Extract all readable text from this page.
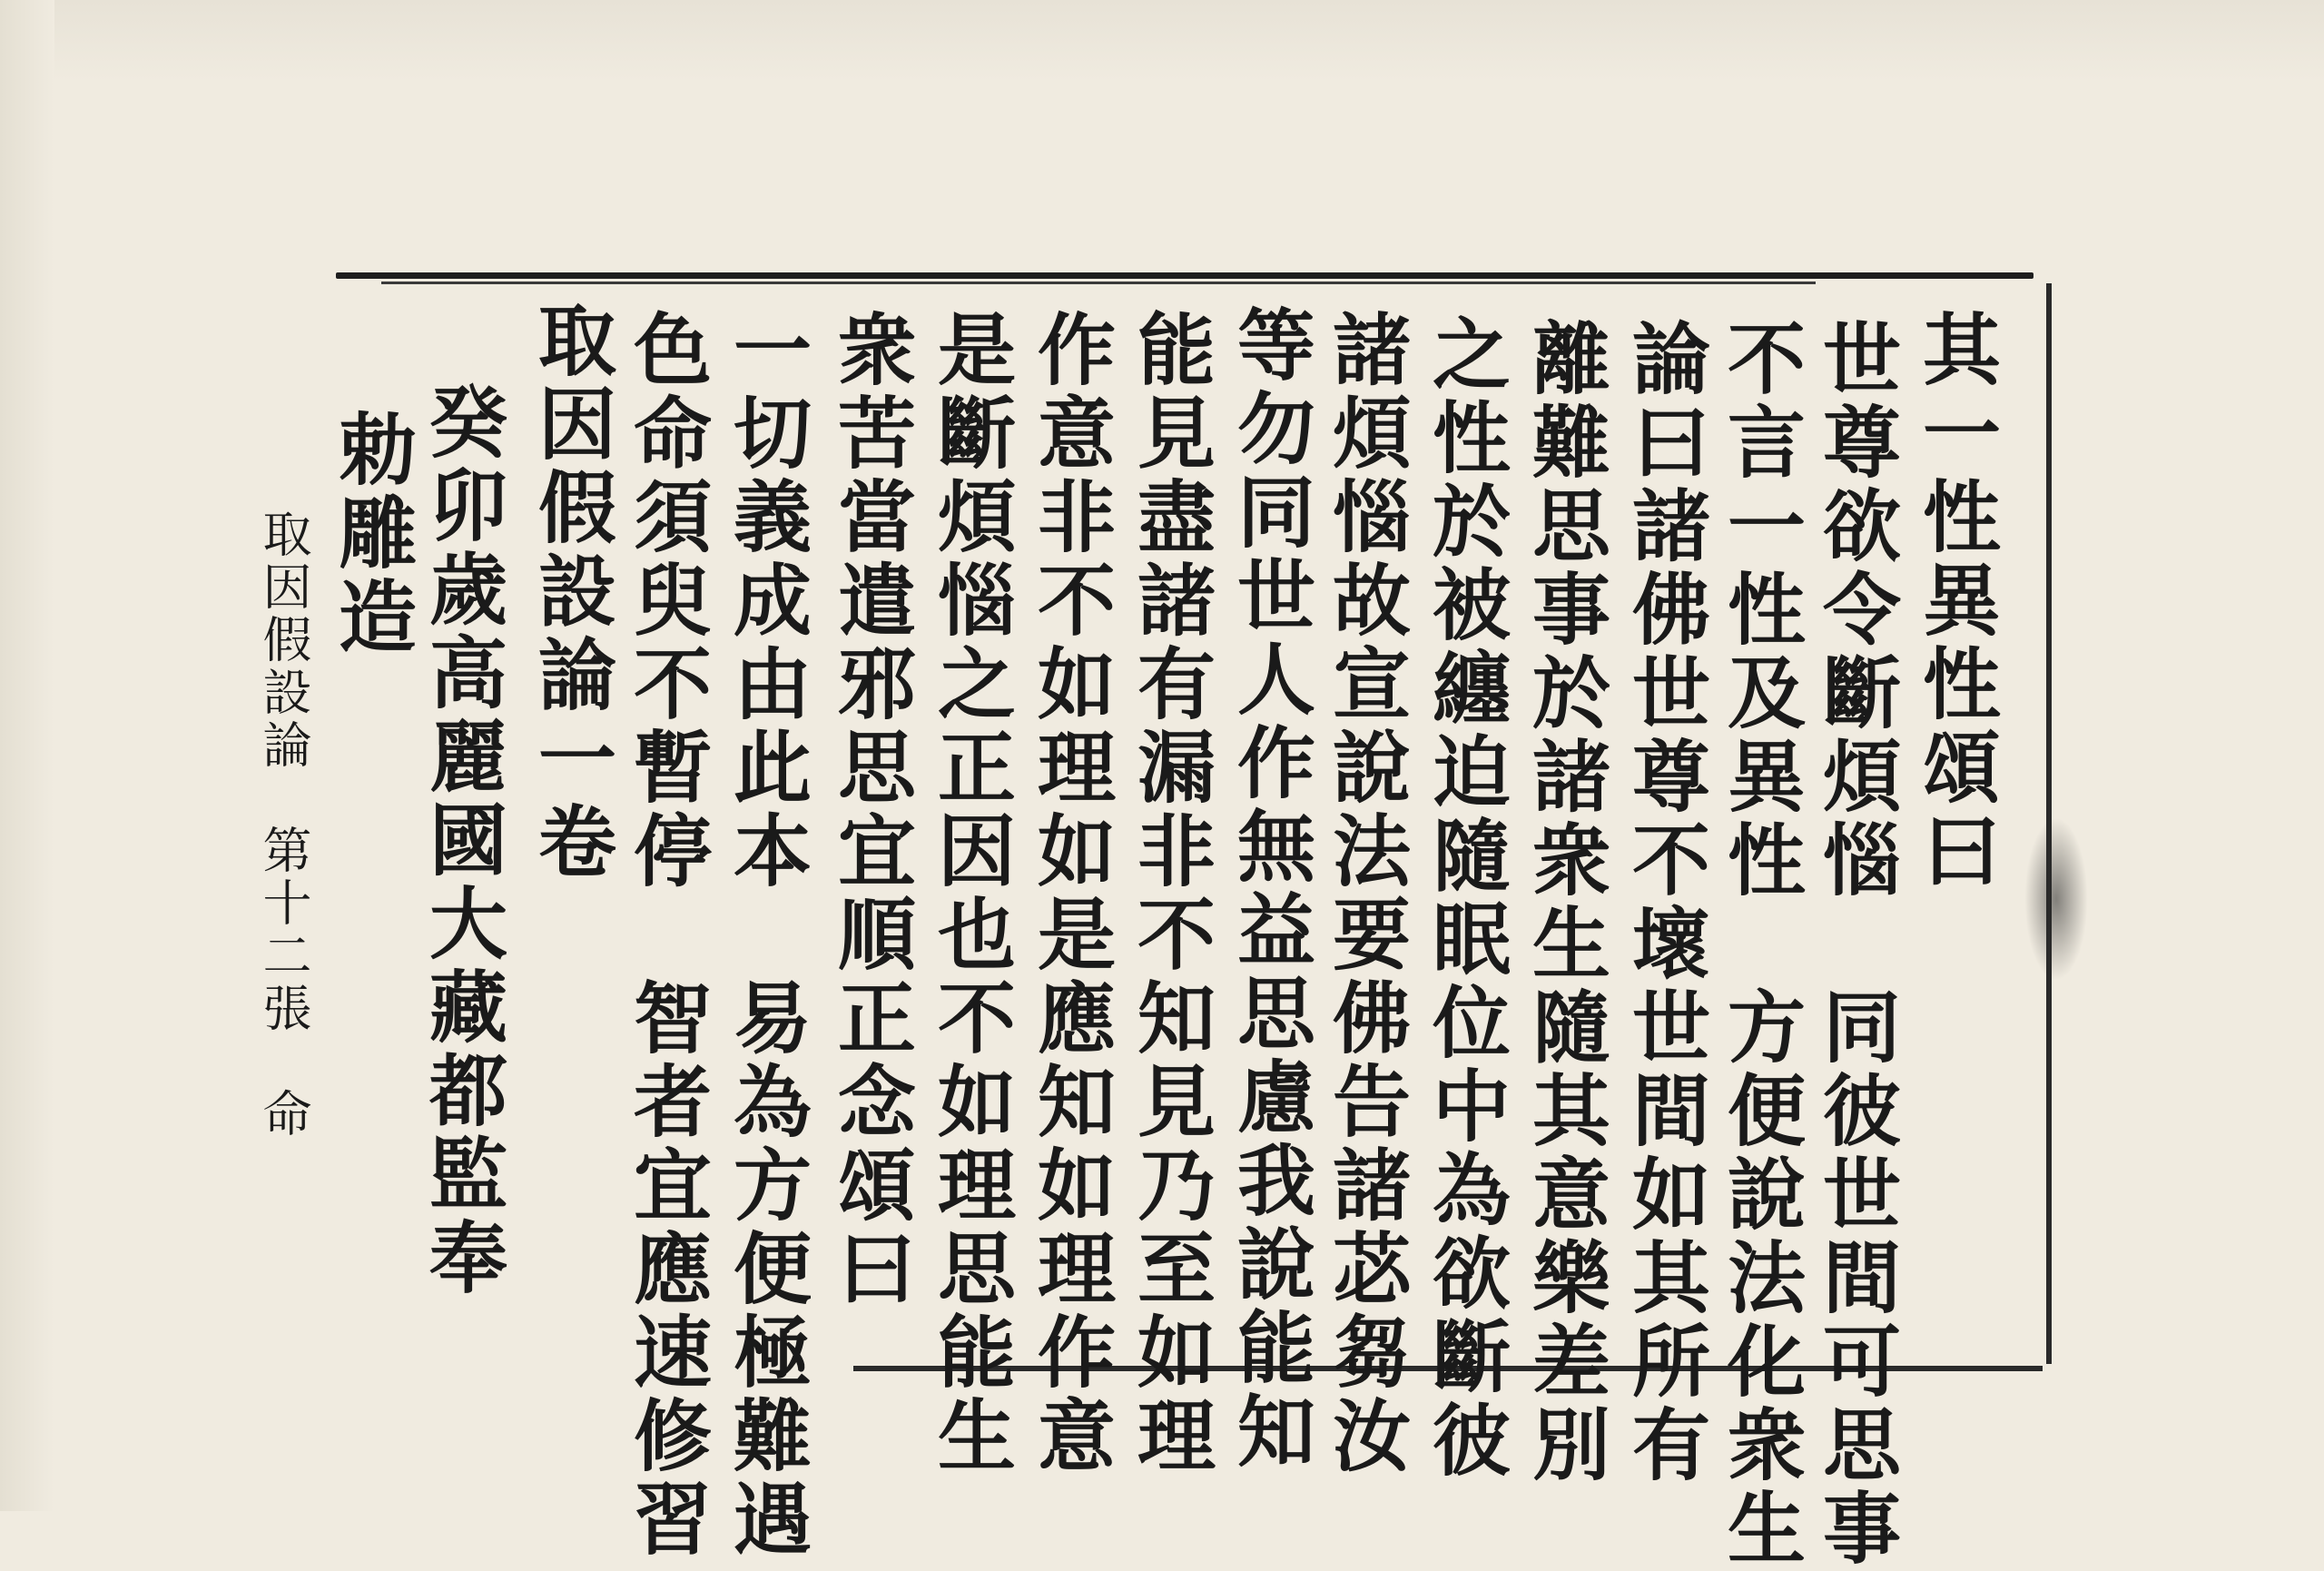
其一性異性頌曰
世尊欲令斷煩惱　同彼世間可思事
不言一性及異性　方便說法化衆生
論曰諸佛世尊不壞世間如其所有
離難思事於諸衆生隨其意樂差別
之性於被纏迫隨眠位中為欲斷彼
諸煩惱故宣說法要佛告諸苾芻汝
等勿同世人作無益思慮我說能知
能見盡諸有漏非不知見乃至如理
作意非不如理如是應知如理作意
是斷煩惱之正因也不如理思能生
衆苦當遣邪思宜順正念頌曰
一切義成由此本　易為方便極難遇
色命須臾不暫停　智者宜應速修習
取因假設論一卷
癸卯歲高麗國大藏都監奉
勅雕造
取因假設論　第十二張　命
